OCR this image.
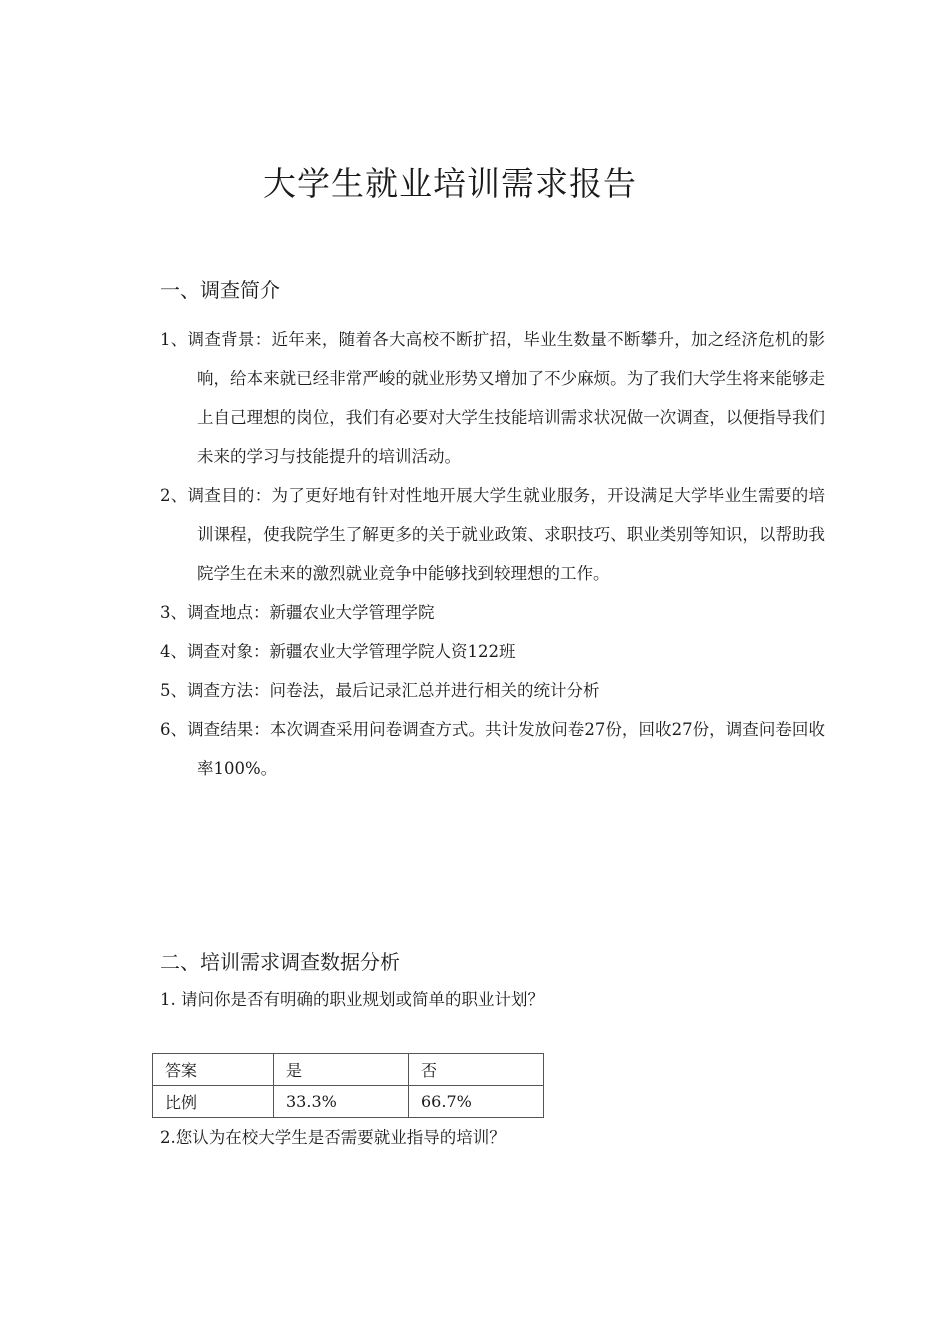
大学生就业培训需求报告
一、调查简介
1、调查背景：近年来，随着各大高校不断扩招，毕业生数量不断攀升，加之经济危机的影响，给本来就已经非常严峻的就业形势又增加了不少麻烦。为了我们大学生将来能够走上自己理想的岗位，我们有必要对大学生技能培训需求状况做一次调查，以便指导我们未来的学习与技能提升的培训活动。
2、调查目的：为了更好地有针对性地开展大学生就业服务，开设满足大学毕业生需要的培训课程，使我院学生了解更多的关于就业政策、求职技巧、职业类别等知识，以帮助我院学生在未来的激烈就业竞争中能够找到较理想的工作。
3、调查地点：新疆农业大学管理学院
4、调查对象：新疆农业大学管理学院人资122班
5、调查方法：问卷法，最后记录汇总并进行相关的统计分析
6、调查结果：本次调查采用问卷调查方式。共计发放问卷27份，回收27份，调查问卷回收率100%。
二、培训需求调查数据分析
1. 请问你是否有明确的职业规划或简单的职业计划？
答案	是	否
比例	33.3%	66.7%
2.您认为在校大学生是否需要就业指导的培训？
